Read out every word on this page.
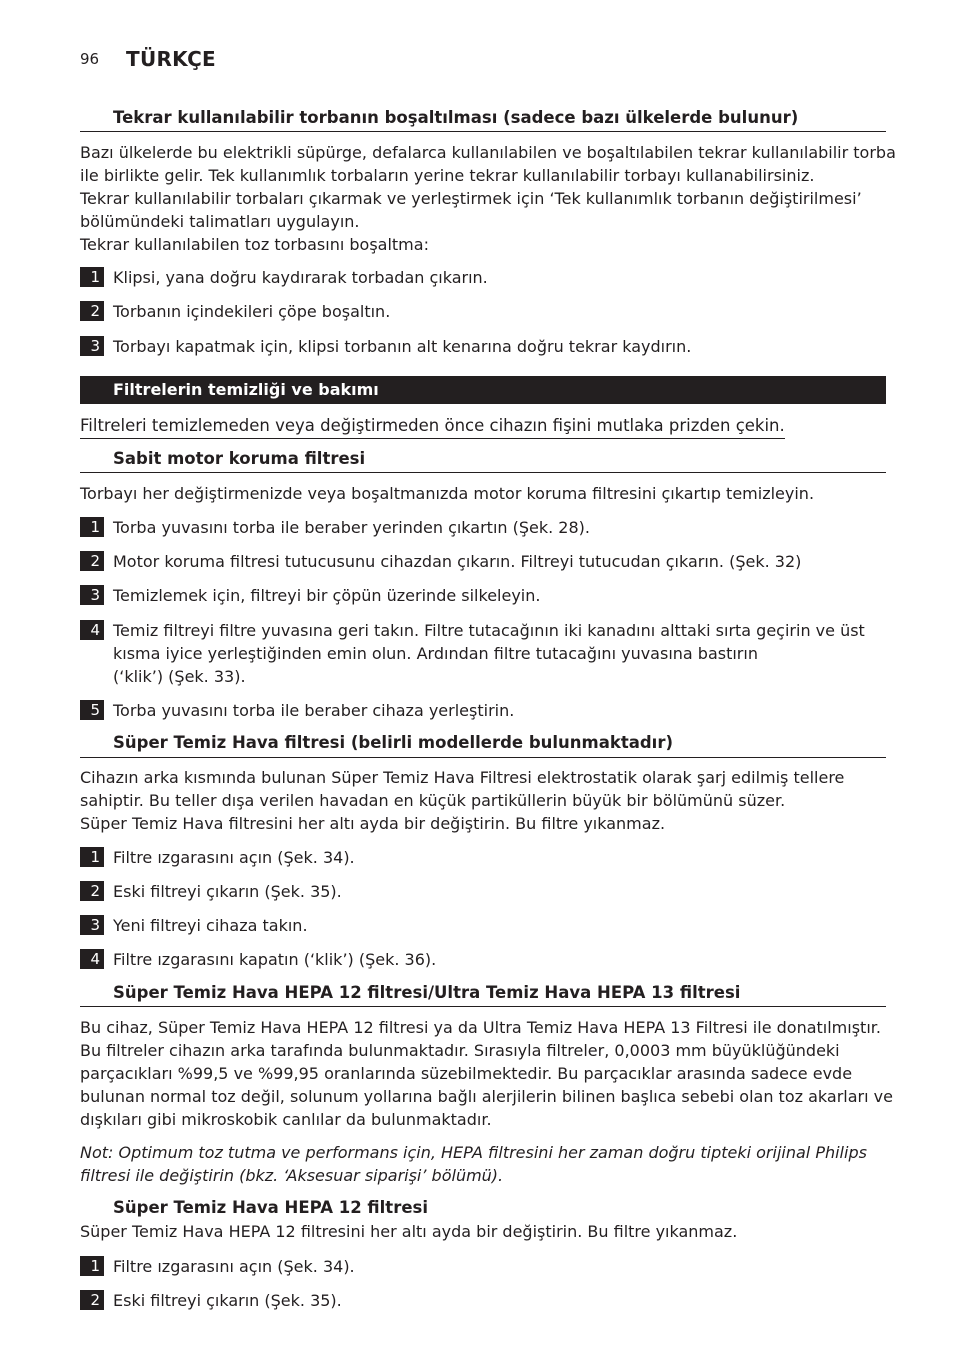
96 TÜRKÇE
Tekrar kullanılabilir torbanın boşaltılması (sadece bazı ülkelerde bulunur)
Bazı ülkelerde bu elektrikli süpürge, defalarca kullanılabilen ve boşaltılabilen tekrar kullanılabilir torba
ile birlikte gelir. Tek kullanımlık torbaların yerine tekrar kullanılabilir torbayı kullanabilirsiniz.
Tekrar kullanılabilir torbaları çıkarmak ve yerleştirmek için ‘Tek kullanımlık torbanın değiştirilmesi’
bölümündeki talimatları uygulayın.
Tekrar kullanılabilen toz torbasını boşaltma:
1 Klipsi, yana doğru kaydırarak torbadan çıkarın.
2 Torbanın içindekileri çöpe boşaltın.
3 Torbayı kapatmak için, klipsi torbanın alt kenarına doğru tekrar kaydırın.
Filtrelerin temizliği ve bakımı
Filtreleri temizlemeden veya değiştirmeden önce cihazın fişini mutlaka prizden çekin.
Sabit motor koruma filtresi
Torbayı her değiştirmenizde veya boşaltmanızda motor koruma filtresini çıkartıp temizleyin.
1 Torba yuvasını torba ile beraber yerinden çıkartın (Şek. 28).
2 Motor koruma filtresi tutucusunu cihazdan çıkarın. Filtreyi tutucudan çıkarın. (Şek. 32)
3 Temizlemek için, filtreyi bir çöpün üzerinde silkeleyin.
4 Temiz filtreyi filtre yuvasına geri takın. Filtre tutacağının iki kanadını alttaki sırta geçirin ve üst
kısma iyice yerleştiğinden emin olun. Ardından filtre tutacağını yuvasına bastırın
(‘klik’) (Şek. 33).
5 Torba yuvasını torba ile beraber cihaza yerleştirin.
Süper Temiz Hava filtresi (belirli modellerde bulunmaktadır)
Cihazın arka kısmında bulunan Süper Temiz Hava Filtresi elektrostatik olarak şarj edilmiş tellere
sahiptir. Bu teller dışa verilen havadan en küçük partiküllerin büyük bir bölümünü süzer.
Süper Temiz Hava filtresini her altı ayda bir değiştirin. Bu filtre yıkanmaz.
1 Filtre ızgarasını açın (Şek. 34).
2 Eski filtreyi çıkarın (Şek. 35).
3 Yeni filtreyi cihaza takın.
4 Filtre ızgarasını kapatın (‘klik’) (Şek. 36).
Süper Temiz Hava HEPA 12 filtresi/Ultra Temiz Hava HEPA 13 filtresi
Bu cihaz, Süper Temiz Hava HEPA 12 filtresi ya da Ultra Temiz Hava HEPA 13 Filtresi ile donatılmıştır.
Bu filtreler cihazın arka tarafında bulunmaktadır. Sırasıyla filtreler, 0,0003 mm büyüklüğündeki
parçacıkları %99,5 ve %99,95 oranlarında süzebilmektedir. Bu parçacıklar arasında sadece evde
bulunan normal toz değil, solunum yollarına bağlı alerjilerin bilinen başlıca sebebi olan toz akarları ve
dışkıları gibi mikroskobik canlılar da bulunmaktadır.
Not: Optimum toz tutma ve performans için, HEPA filtresini her zaman doğru tipteki orijinal Philips
filtresi ile değiştirin (bkz. ‘Aksesuar siparişi’ bölümü).
Süper Temiz Hava HEPA 12 filtresi
Süper Temiz Hava HEPA 12 filtresini her altı ayda bir değiştirin. Bu filtre yıkanmaz.
1 Filtre ızgarasını açın (Şek. 34).
2 Eski filtreyi çıkarın (Şek. 35).
